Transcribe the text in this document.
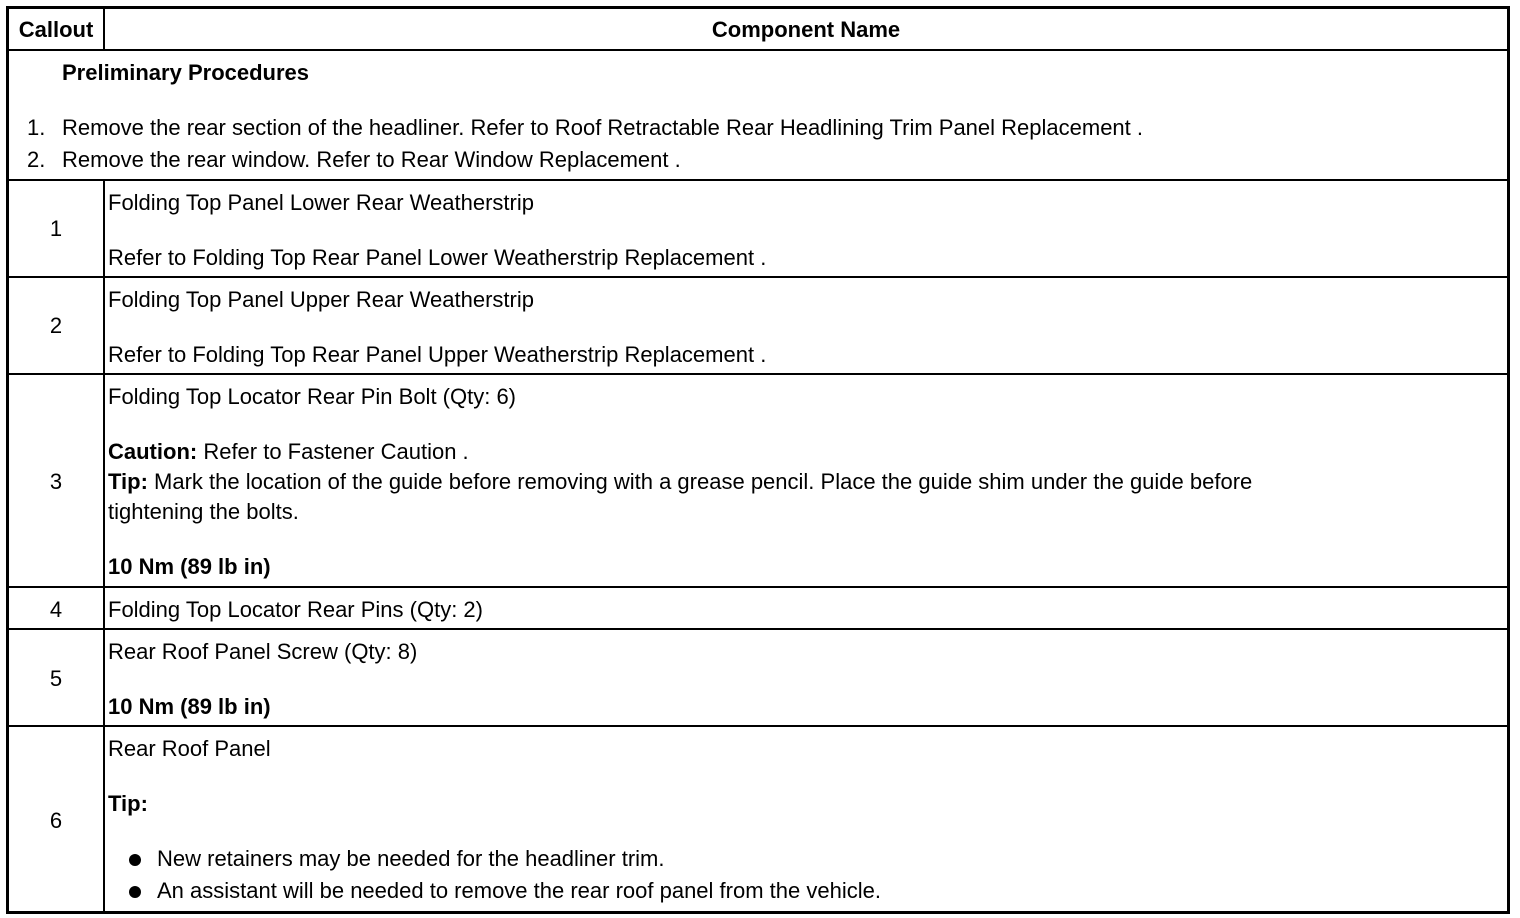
Callout	Component Name
Preliminary Procedures
1. Remove the rear section of the headliner. Refer to Roof Retractable Rear Headlining Trim Panel Replacement .
2. Remove the rear window. Refer to Rear Window Replacement .
1
Folding Top Panel Lower Rear Weatherstrip
Refer to Folding Top Rear Panel Lower Weatherstrip Replacement .
2
Folding Top Panel Upper Rear Weatherstrip
Refer to Folding Top Rear Panel Upper Weatherstrip Replacement .
3
Folding Top Locator Rear Pin Bolt (Qty: 6)
Caution: Refer to Fastener Caution .
Tip: Mark the location of the guide before removing with a grease pencil. Place the guide shim under the guide before
tightening the bolts.
10 Nm (89 lb in)
4	Folding Top Locator Rear Pins (Qty: 2)
5
Rear Roof Panel Screw (Qty: 8)
10 Nm (89 lb in)
6
Rear Roof Panel
Tip:
New retainers may be needed for the headliner trim.
An assistant will be needed to remove the rear roof panel from the vehicle.
